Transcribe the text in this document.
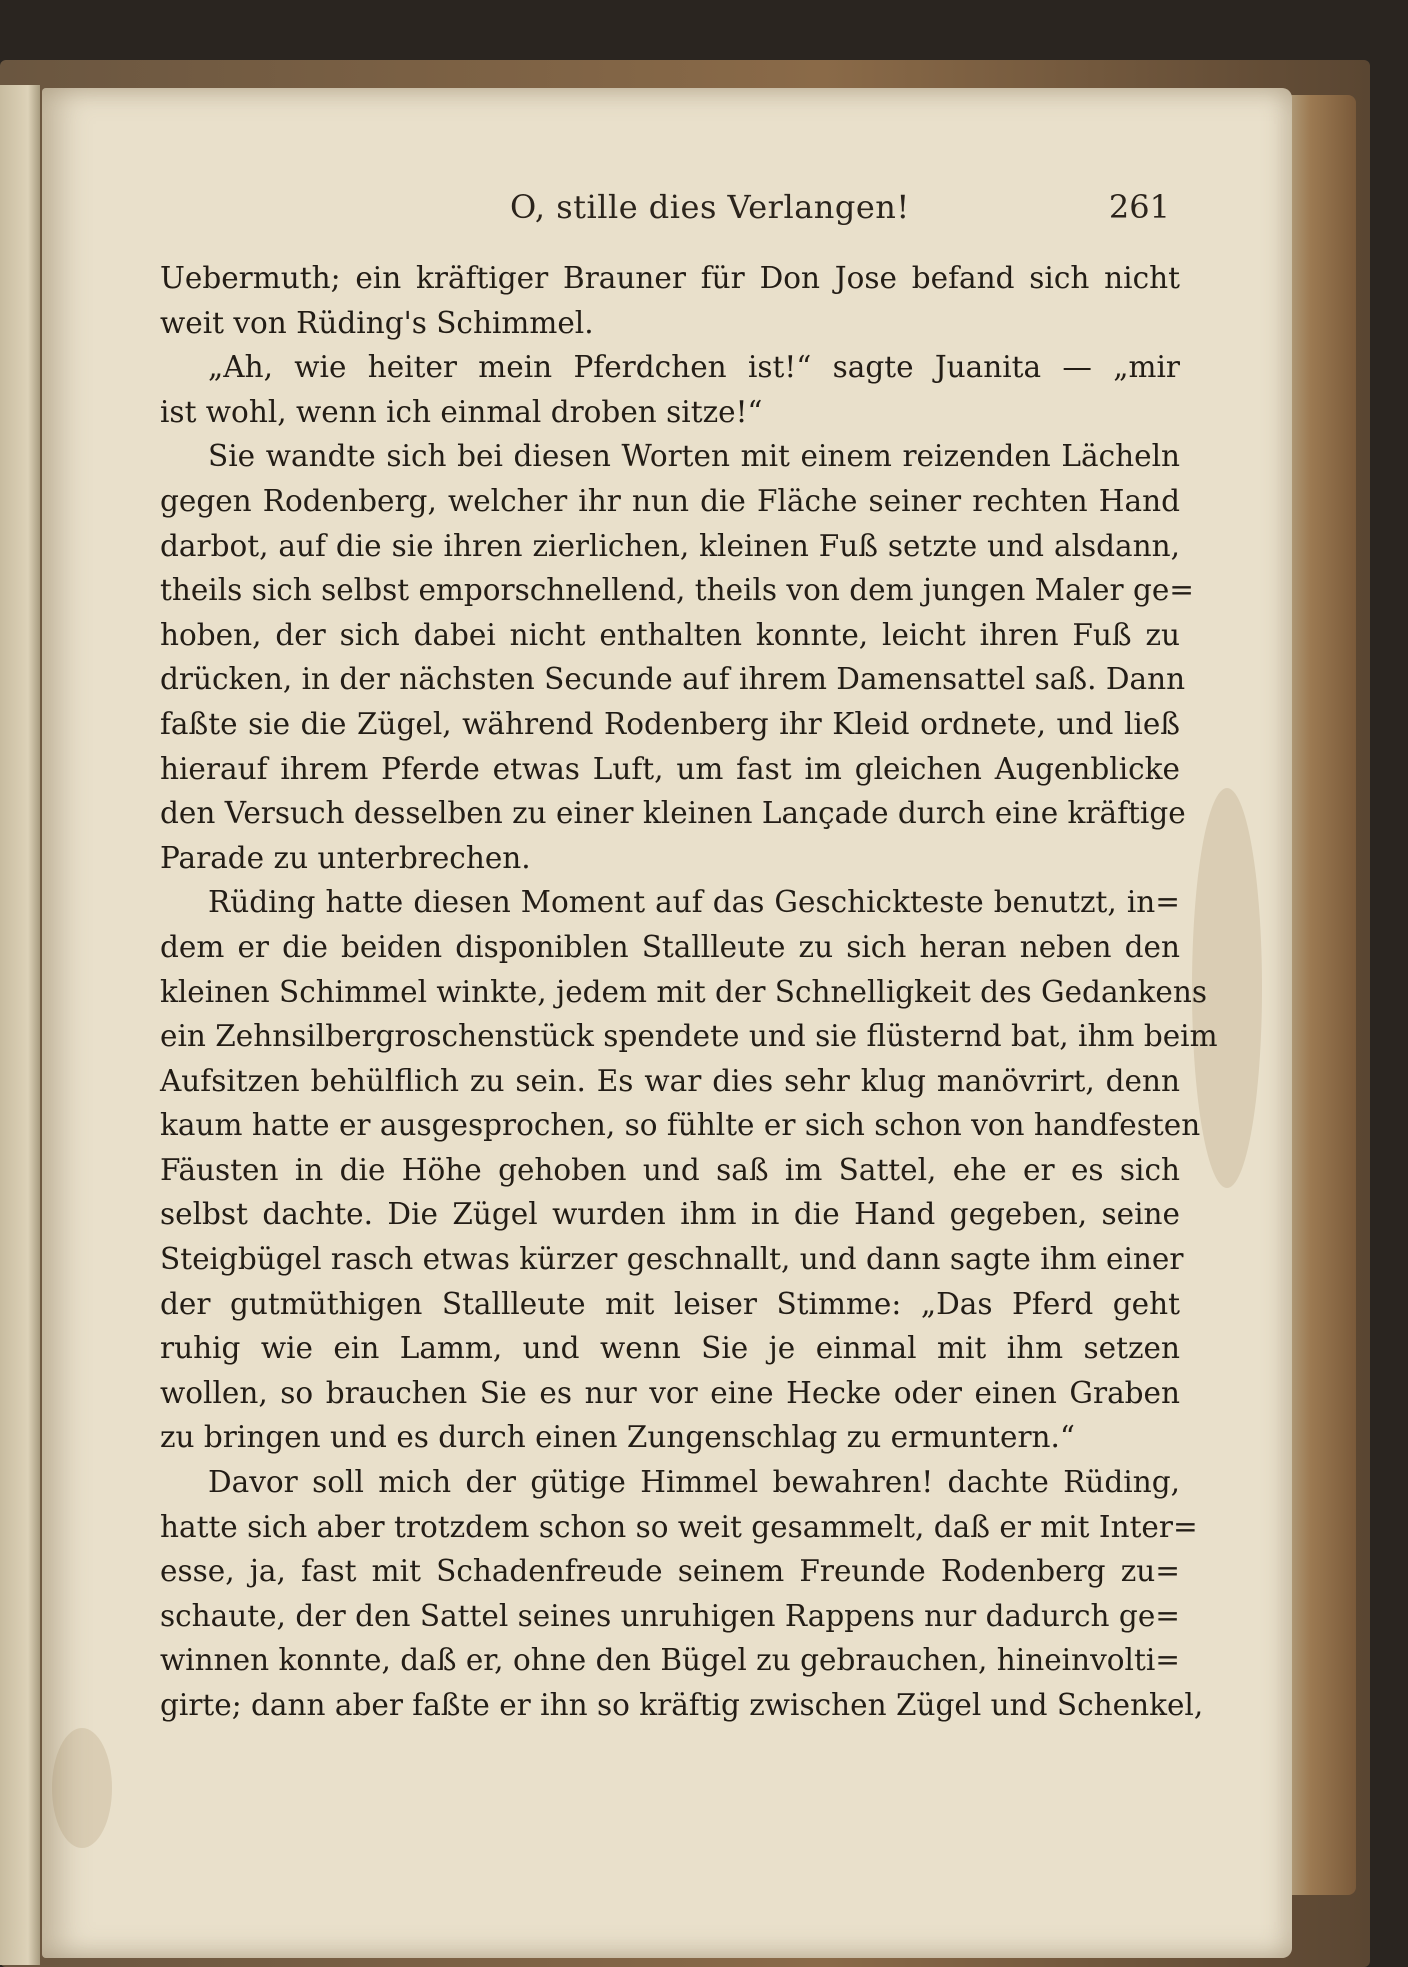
O, stille dies Verlangen!	261
Uebermuth; ein kräftiger Brauner für Don Jose befand sich nicht
weit von Rüding's Schimmel.
„Ah, wie heiter mein Pferdchen ist!“ sagte Juanita — „mir
ist wohl, wenn ich einmal droben sitze!“
Sie wandte sich bei diesen Worten mit einem reizenden Lächeln
gegen Rodenberg, welcher ihr nun die Fläche seiner rechten Hand
darbot, auf die sie ihren zierlichen, kleinen Fuß setzte und alsdann,
theils sich selbst emporschnellend, theils von dem jungen Maler ge=
hoben, der sich dabei nicht enthalten konnte, leicht ihren Fuß zu
drücken, in der nächsten Secunde auf ihrem Damensattel saß. Dann
faßte sie die Zügel, während Rodenberg ihr Kleid ordnete, und ließ
hierauf ihrem Pferde etwas Luft, um fast im gleichen Augenblicke
den Versuch desselben zu einer kleinen Lançade durch eine kräftige
Parade zu unterbrechen.
Rüding hatte diesen Moment auf das Geschickteste benutzt, in=
dem er die beiden disponiblen Stallleute zu sich heran neben den
kleinen Schimmel winkte, jedem mit der Schnelligkeit des Gedankens
ein Zehnsilbergroschenstück spendete und sie flüsternd bat, ihm beim
Aufsitzen behülflich zu sein. Es war dies sehr klug manövrirt, denn
kaum hatte er ausgesprochen, so fühlte er sich schon von handfesten
Fäusten in die Höhe gehoben und saß im Sattel, ehe er es sich
selbst dachte. Die Zügel wurden ihm in die Hand gegeben, seine
Steigbügel rasch etwas kürzer geschnallt, und dann sagte ihm einer
der gutmüthigen Stallleute mit leiser Stimme: „Das Pferd geht
ruhig wie ein Lamm, und wenn Sie je einmal mit ihm setzen
wollen, so brauchen Sie es nur vor eine Hecke oder einen Graben
zu bringen und es durch einen Zungenschlag zu ermuntern.“
Davor soll mich der gütige Himmel bewahren! dachte Rüding,
hatte sich aber trotzdem schon so weit gesammelt, daß er mit Inter=
esse, ja, fast mit Schadenfreude seinem Freunde Rodenberg zu=
schaute, der den Sattel seines unruhigen Rappens nur dadurch ge=
winnen konnte, daß er, ohne den Bügel zu gebrauchen, hineinvolti=
girte; dann aber faßte er ihn so kräftig zwischen Zügel und Schenkel,
